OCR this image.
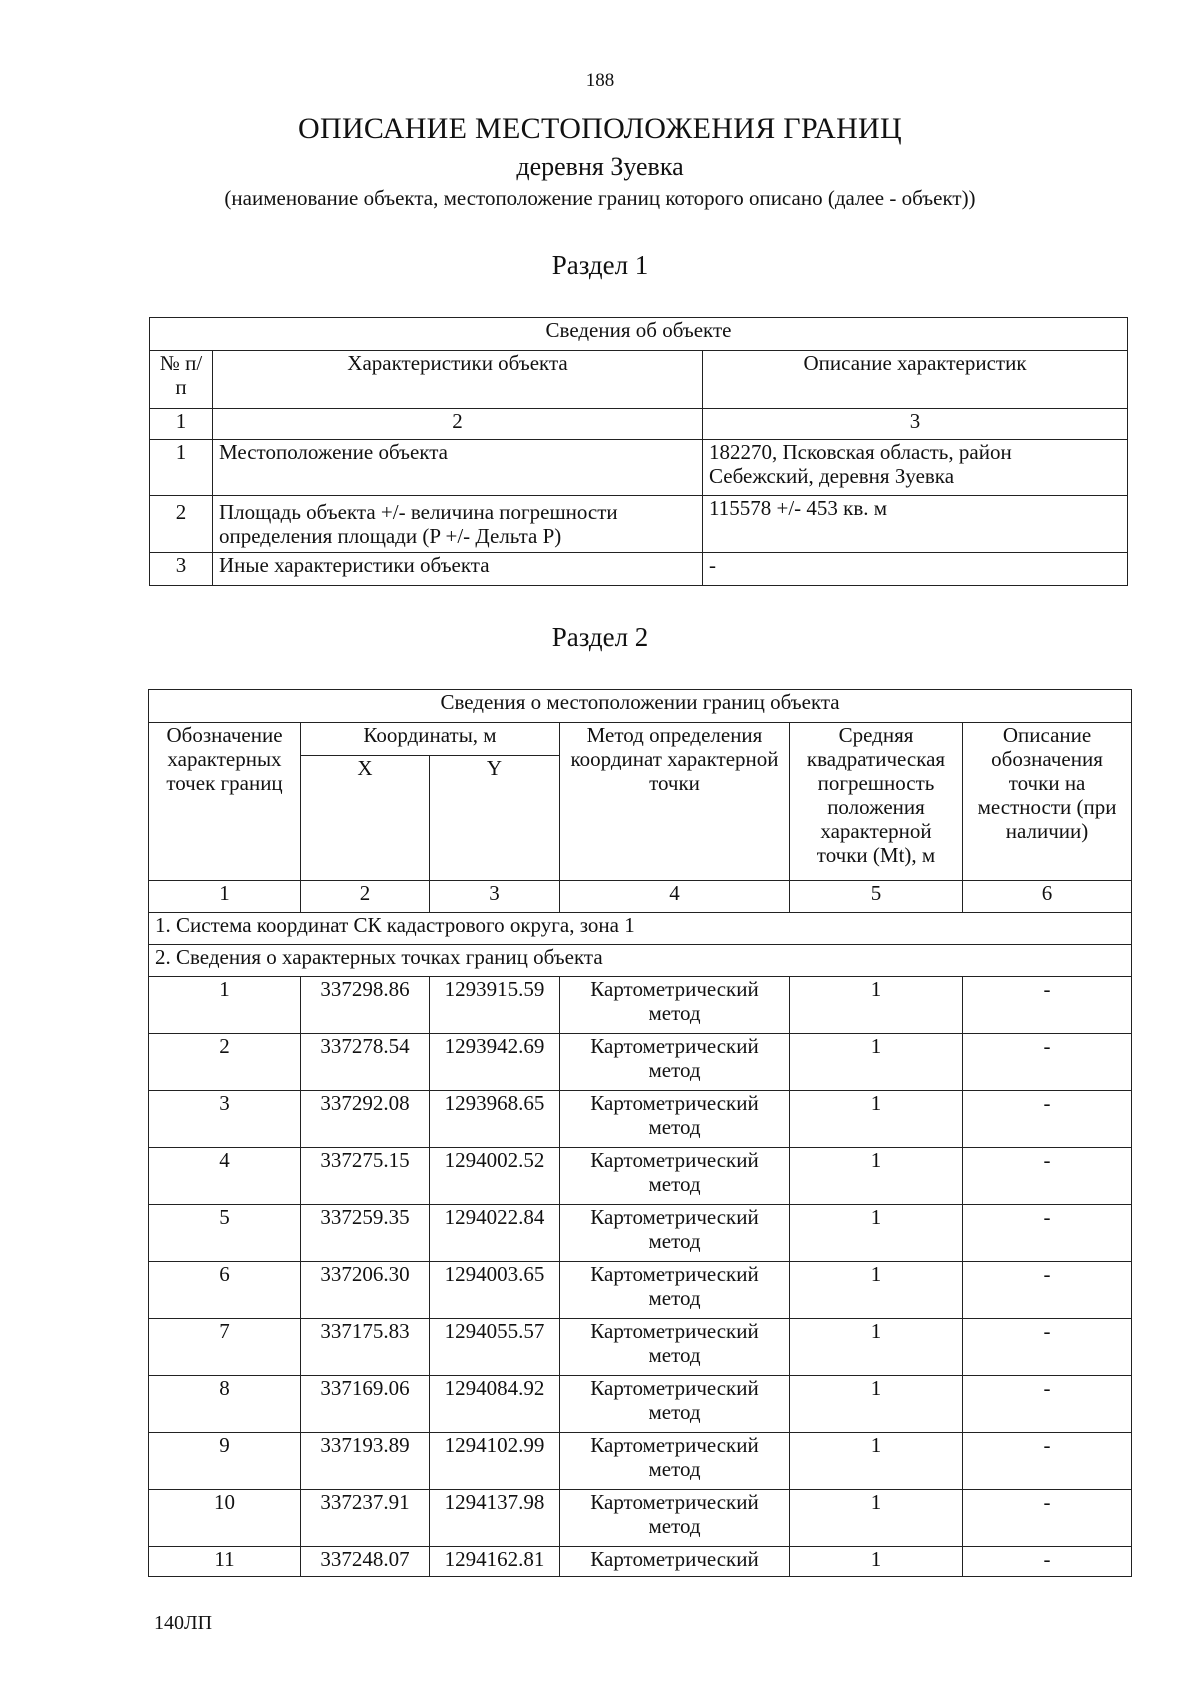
188
ОПИСАНИЕ МЕСТОПОЛОЖЕНИЯ ГРАНИЦ
деревня Зуевка
(наименование объекта, местоположение границ которого описано (далее - объект))
Раздел 1
Сведения об объекте		
№ п/п	Характеристики объекта	Описание характеристик
1	2	3
1	Местоположение объекта	182270, Псковская область, район Себежский, деревня Зуевка
2	Площадь объекта +/- величина погрешности определения площади (P +/- Дельта P)	115578 +/- 453 кв. м
3	Иные характеристики объекта	-
Раздел 2
Сведения о местоположении границ объекта					
Обозначение характерных точек границ	Координаты, м		Метод определения координат характерной точки	Средняя квадратическая погрешность положения характерной точки (Mt), м	Описание обозначения точки на местности (при наличии)
	X	Y			
1	2	3	4	5	6
1. Система координат СК кадастрового округа, зона 1					
2. Сведения о характерных точках границ объекта					
1	337298.86	1293915.59	Картометрический метод	1	-
2	337278.54	1293942.69	Картометрический метод	1	-
3	337292.08	1293968.65	Картометрический метод	1	-
4	337275.15	1294002.52	Картометрический метод	1	-
5	337259.35	1294022.84	Картометрический метод	1	-
6	337206.30	1294003.65	Картометрический метод	1	-
7	337175.83	1294055.57	Картометрический метод	1	-
8	337169.06	1294084.92	Картометрический метод	1	-
9	337193.89	1294102.99	Картометрический метод	1	-
10	337237.91	1294137.98	Картометрический метод	1	-
11	337248.07	1294162.81	Картометрический	1	-
140ЛП
